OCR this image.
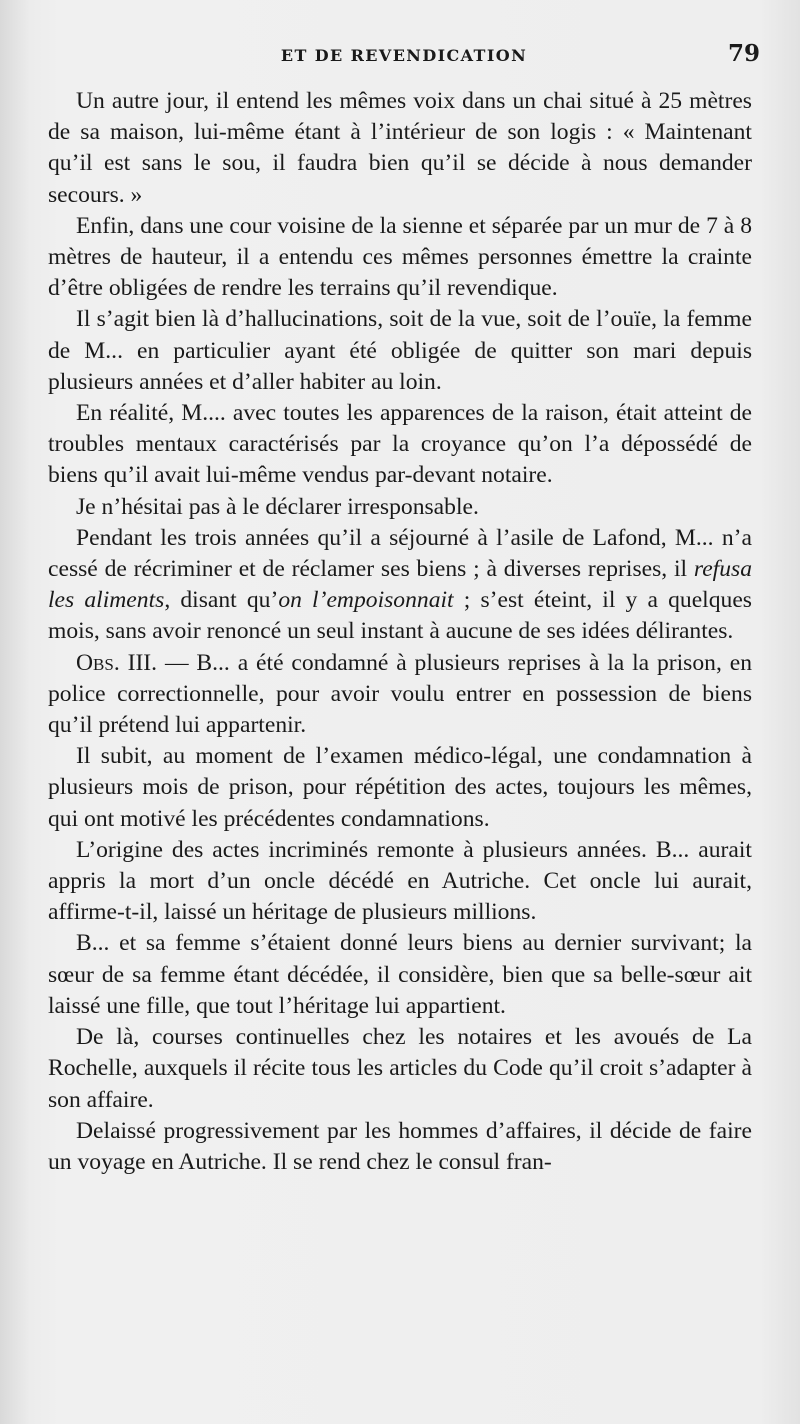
ET DE REVENDICATION	79

Un autre jour, il entend les mêmes voix dans un chai situé à 25 mètres de sa maison, lui-même étant à l’intérieur de son logis : « Maintenant qu’il est sans le sou, il faudra bien qu’il se décide à nous demander secours. »

Enfin, dans une cour voisine de la sienne et séparée par un mur de 7 à 8 mètres de hauteur, il a entendu ces mêmes personnes émettre la crainte d’être obligées de rendre les terrains qu’il revendique.

Il s’agit bien là d’hallucinations, soit de la vue, soit de l’ouïe, la femme de M... en particulier ayant été obligée de quitter son mari depuis plusieurs années et d’aller habiter au loin.

En réalité, M.... avec toutes les apparences de la raison, était atteint de troubles mentaux caractérisés par la croyance qu’on l’a dépossédé de biens qu’il avait lui-même vendus par-devant notaire.

Je n’hésitai pas à le déclarer irresponsable.

Pendant les trois années qu’il a séjourné à l’asile de Lafond, M... n’a cessé de récriminer et de réclamer ses biens ; à diverses reprises, il refusa les aliments, disant qu’on l’empoisonnait ; s’est éteint, il y a quelques mois, sans avoir renoncé un seul instant à aucune de ses idées délirantes.

Obs. III. — B... a été condamné à plusieurs reprises à la la prison, en police correctionnelle, pour avoir voulu entrer en possession de biens qu’il prétend lui appartenir.

Il subit, au moment de l’examen médico-légal, une condamnation à plusieurs mois de prison, pour répétition des actes, toujours les mêmes, qui ont motivé les précédentes condamnations.

L’origine des actes incriminés remonte à plusieurs années. B... aurait appris la mort d’un oncle décédé en Autriche. Cet oncle lui aurait, affirme-t-il, laissé un héritage de plusieurs millions.

B... et sa femme s’étaient donné leurs biens au dernier survivant; la sœur de sa femme étant décédée, il considère, bien que sa belle-sœur ait laissé une fille, que tout l’héritage lui appartient.

De là, courses continuelles chez les notaires et les avoués de La Rochelle, auxquels il récite tous les articles du Code qu’il croit s’adapter à son affaire.

Delaissé progressivement par les hommes d’affaires, il décide de faire un voyage en Autriche. Il se rend chez le consul fran-
